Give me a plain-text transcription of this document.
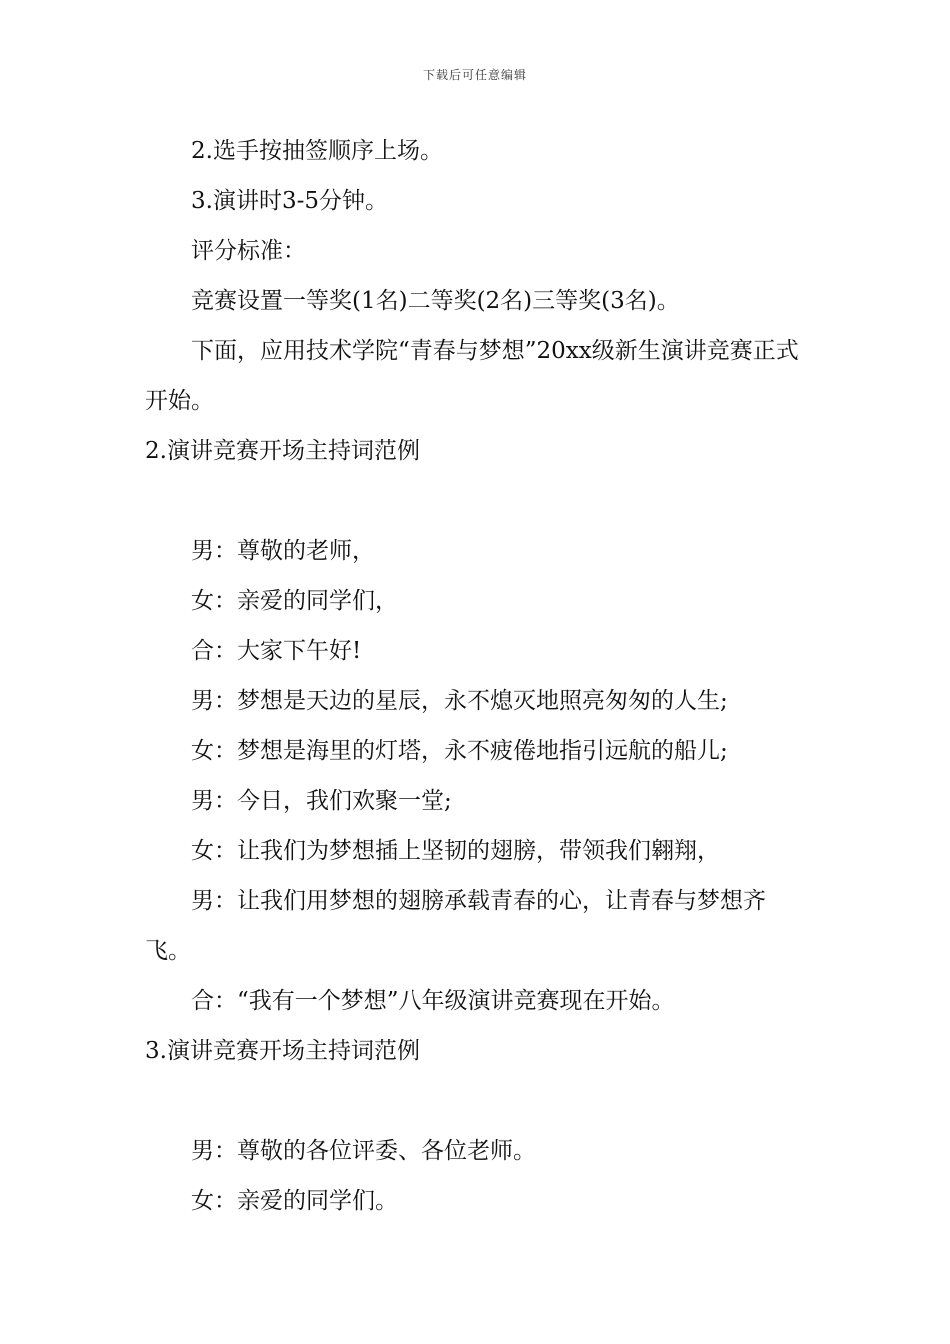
下载后可任意编辑

2.选手按抽签顺序上场。

3.演讲时3-5分钟。

评分标准：

竞赛设置一等奖(1名)二等奖(2名)三等奖(3名)。

下面，应用技术学院“青春与梦想”20xx级新生演讲竞赛正式开始。

2.演讲竞赛开场主持词范例

男：尊敬的老师，

女：亲爱的同学们，

合：大家下午好!

男：梦想是天边的星辰，永不熄灭地照亮匆匆的人生;

女：梦想是海里的灯塔，永不疲倦地指引远航的船儿;

男：今日，我们欢聚一堂;

女：让我们为梦想插上坚韧的翅膀，带领我们翱翔，

男：让我们用梦想的翅膀承载青春的心，让青春与梦想齐飞。

合：“我有一个梦想”八年级演讲竞赛现在开始。

3.演讲竞赛开场主持词范例

男：尊敬的各位评委、各位老师。

女：亲爱的同学们。
